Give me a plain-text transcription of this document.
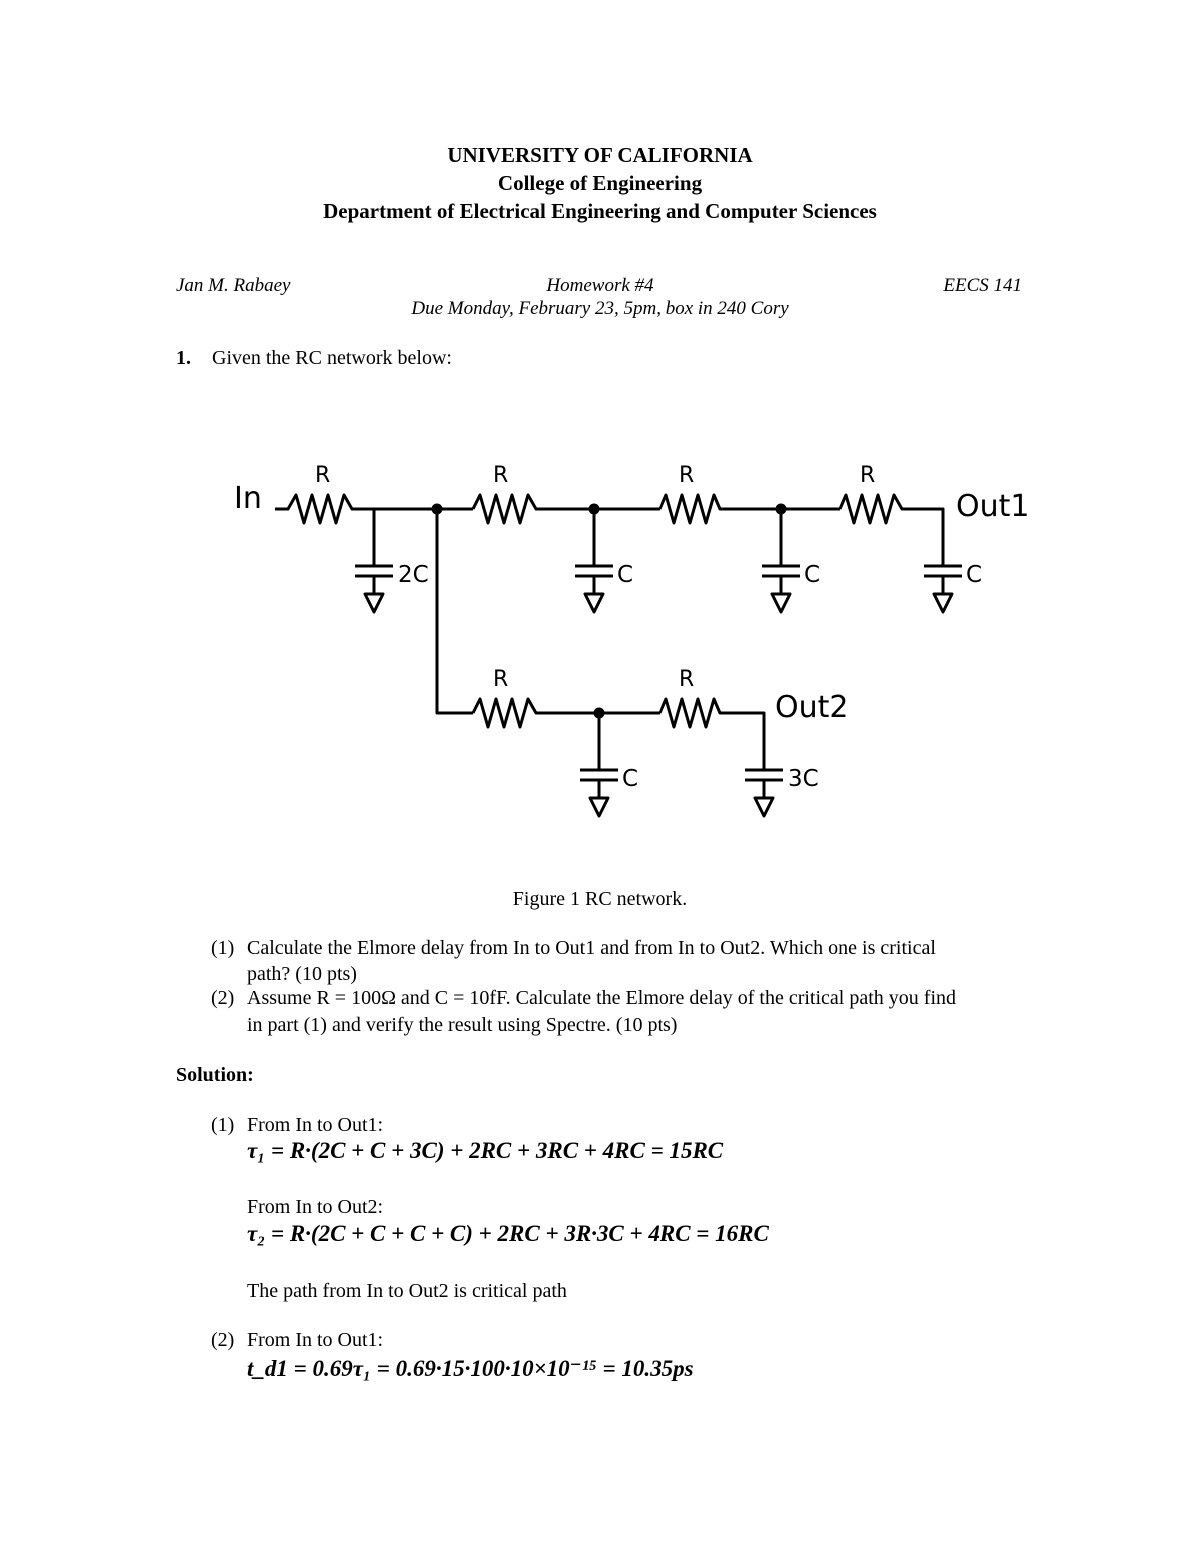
UNIVERSITY OF CALIFORNIA
College of Engineering
Department of Electrical Engineering and Computer Sciences
Jan M. Rabaey	Homework #4	EECS 141
Due Monday, February 23, 5pm, box in 240 Cory
1. Given the RC network below:
In	Out1
Out2
R	R	R	R
R	R
2C	C	C	C
C	3C
Figure 1 RC network.
(1) Calculate the Elmore delay from In to Out1 and from In to Out2. Which one is critical
path? (10 pts)
(2) Assume R = 100Ω and C = 10fF. Calculate the Elmore delay of the critical path you find
in part (1) and verify the result using Spectre. (10 pts)
Solution:
(1) From In to Out1:
τ₁ = R·(2C + C + 3C) + 2RC + 3RC + 4RC = 15RC
From In to Out2:
τ₂ = R·(2C + C + C + C) + 2RC + 3R·3C + 4RC = 16RC
The path from In to Out2 is critical path
(2) From In to Out1:
t_d1 = 0.69τ₁ = 0.69·15·100·10×10⁻¹⁵ = 10.35ps
